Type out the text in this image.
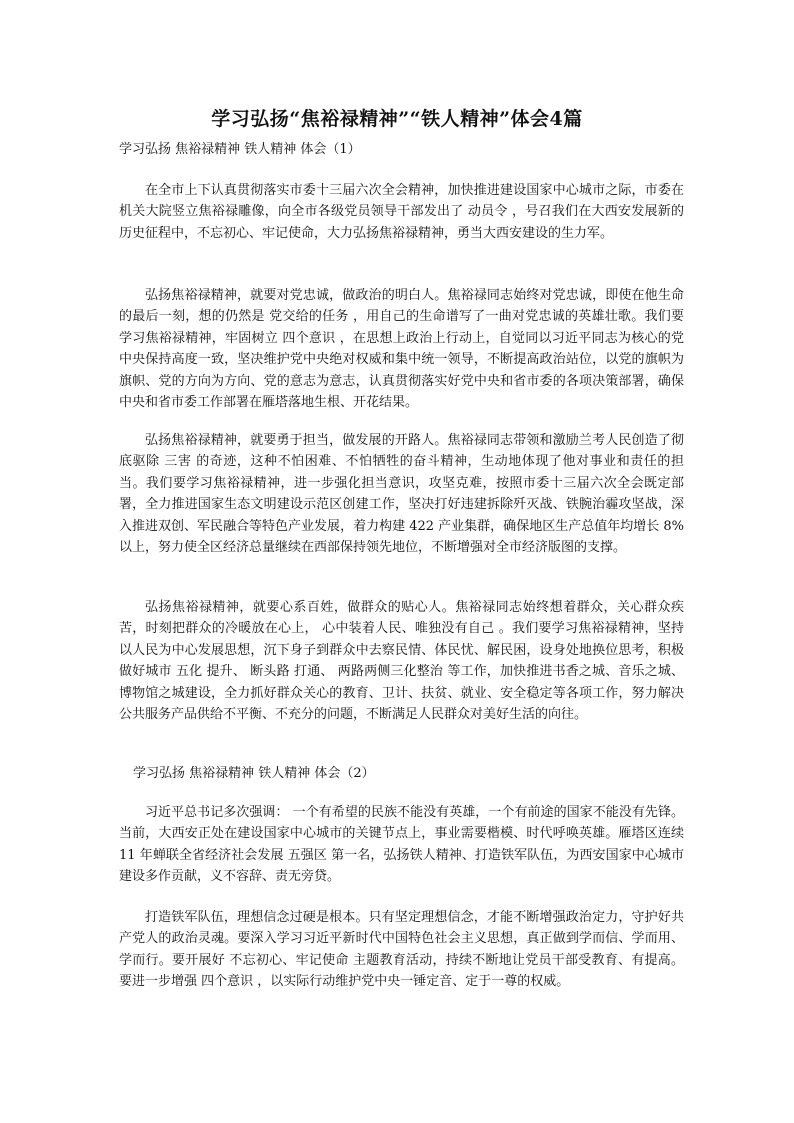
学习弘扬“焦裕禄精神”“铁人精神”体会4篇
学习弘扬 焦裕禄精神 铁人精神 体会（1）
在全市上下认真贯彻落实市委十三届六次全会精神，加快推进建设国家中心城市之际，市委在机关大院竖立焦裕禄雕像，向全市各级党员领导干部发出了 动员令 ，号召我们在大西安发展新的历史征程中，不忘初心、牢记使命，大力弘扬焦裕禄精神，勇当大西安建设的生力军。
弘扬焦裕禄精神，就要对党忠诚，做政治的明白人。焦裕禄同志始终对党忠诚，即使在他生命的最后一刻，想的仍然是 党交给的任务 ，用自己的生命谱写了一曲对党忠诚的英雄壮歌。我们要学习焦裕禄精神，牢固树立 四个意识 ，在思想上政治上行动上，自觉同以习近平同志为核心的党中央保持高度一致，坚决维护党中央绝对权威和集中统一领导，不断提高政治站位，以党的旗帜为旗帜、党的方向为方向、党的意志为意志，认真贯彻落实好党中央和省市委的各项决策部署，确保中央和省市委工作部署在雁塔落地生根、开花结果。
弘扬焦裕禄精神，就要勇于担当，做发展的开路人。焦裕禄同志带领和激励兰考人民创造了彻底驱除 三害 的奇迹，这种不怕困难、不怕牺牲的奋斗精神，生动地体现了他对事业和责任的担当。我们要学习焦裕禄精神，进一步强化担当意识，攻坚克难，按照市委十三届六次全会既定部署，全力推进国家生态文明建设示范区创建工作，坚决打好违建拆除歼灭战、铁腕治霾攻坚战，深入推进双创、军民融合等特色产业发展，着力构建 422 产业集群，确保地区生产总值年均增长 8%以上，努力使全区经济总量继续在西部保持领先地位，不断增强对全市经济版图的支撑。
弘扬焦裕禄精神，就要心系百姓，做群众的贴心人。焦裕禄同志始终想着群众，关心群众疾苦，时刻把群众的冷暖放在心上， 心中装着人民、唯独没有自己 。我们要学习焦裕禄精神，坚持以人民为中心发展思想，沉下身子到群众中去察民情、体民忧、解民困，设身处地换位思考，积极做好城市 五化 提升、 断头路 打通、 两路两侧三化整治 等工作，加快推进书香之城、音乐之城、博物馆之城建设，全力抓好群众关心的教育、卫计、扶贫、就业、安全稳定等各项工作，努力解决公共服务产品供给不平衡、不充分的问题，不断满足人民群众对美好生活的向往。
学习弘扬 焦裕禄精神 铁人精神 体会（2）
习近平总书记多次强调： 一个有希望的民族不能没有英雄，一个有前途的国家不能没有先锋。 当前，大西安正处在建设国家中心城市的关键节点上，事业需要楷模、时代呼唤英雄。雁塔区连续 11 年蝉联全省经济社会发展 五强区 第一名，弘扬铁人精神、打造铁军队伍，为西安国家中心城市建设多作贡献，义不容辞、责无旁贷。
打造铁军队伍，理想信念过硬是根本。只有坚定理想信念，才能不断增强政治定力，守护好共产党人的政治灵魂。要深入学习习近平新时代中国特色社会主义思想，真正做到学而信、学而用、学而行。要开展好 不忘初心、牢记使命 主题教育活动，持续不断地让党员干部受教育、有提高。要进一步增强 四个意识 ，以实际行动维护党中央一锤定音、定于一尊的权威。
